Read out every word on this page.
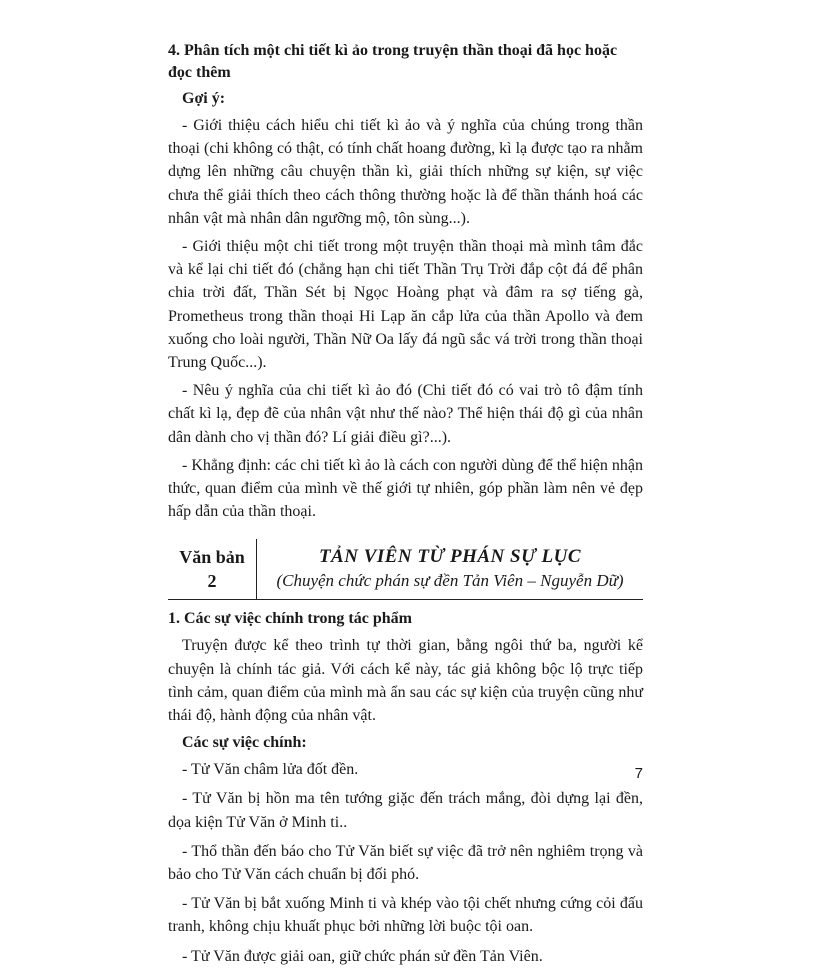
4. Phân tích một chi tiết kì ảo trong truyện thần thoại đã học hoặc đọc thêm

Gợi ý:

- Giới thiệu cách hiểu chi tiết kì ảo và ý nghĩa của chúng trong thần thoại (chi không có thật, có tính chất hoang đường, kì lạ được tạo ra nhằm dựng lên những câu chuyện thần kì, giải thích những sự kiện, sự việc chưa thể giải thích theo cách thông thường hoặc là để thần thánh hoá các nhân vật mà nhân dân ngưỡng mộ, tôn sùng...).

- Giới thiệu một chi tiết trong một truyện thần thoại mà mình tâm đắc và kể lại chi tiết đó (chẳng hạn chi tiết Thần Trụ Trời đắp cột đá để phân chia trời đất, Thần Sét bị Ngọc Hoàng phạt và đâm ra sợ tiếng gà, Prometheus trong thần thoại Hi Lạp ăn cắp lửa của thần Apollo và đem xuống cho loài người, Thần Nữ Oa lấy đá ngũ sắc vá trời trong thần thoại Trung Quốc...).

- Nêu ý nghĩa của chi tiết kì ảo đó (Chi tiết đó có vai trò tô đậm tính chất kì lạ, đẹp đẽ của nhân vật như thế nào? Thể hiện thái độ gì của nhân dân dành cho vị thần đó? Lí giải điều gì?...).

- Khẳng định: các chi tiết kì ảo là cách con người dùng để thể hiện nhận thức, quan điểm của mình về thế giới tự nhiên, góp phần làm nên vẻ đẹp hấp dẫn của thần thoại.

Văn bản
2
TẢN VIÊN TỪ PHÁN SỰ LỤC
(Chuyện chức phán sự đền Tản Viên – Nguyễn Dữ)

1. Các sự việc chính trong tác phẩm

Truyện được kể theo trình tự thời gian, bằng ngôi thứ ba, người kể chuyện là chính tác giả. Với cách kể này, tác giả không bộc lộ trực tiếp tình cảm, quan điểm của mình mà ẩn sau các sự kiện của truyện cũng như thái độ, hành động của nhân vật.

Các sự việc chính:

- Tử Văn châm lửa đốt đền.

- Tử Văn bị hồn ma tên tướng giặc đến trách mắng, đòi dựng lại đền, dọa kiện Tử Văn ở Minh ti..

- Thổ thần đến báo cho Tử Văn biết sự việc đã trở nên nghiêm trọng và bảo cho Tử Văn cách chuẩn bị đối phó.

- Tử Văn bị bắt xuống Minh ti và khép vào tội chết nhưng cứng cỏi đấu tranh, không chịu khuất phục bởi những lời buộc tội oan.

- Tử Văn được giải oan, giữ chức phán sử đền Tản Viên.

7
